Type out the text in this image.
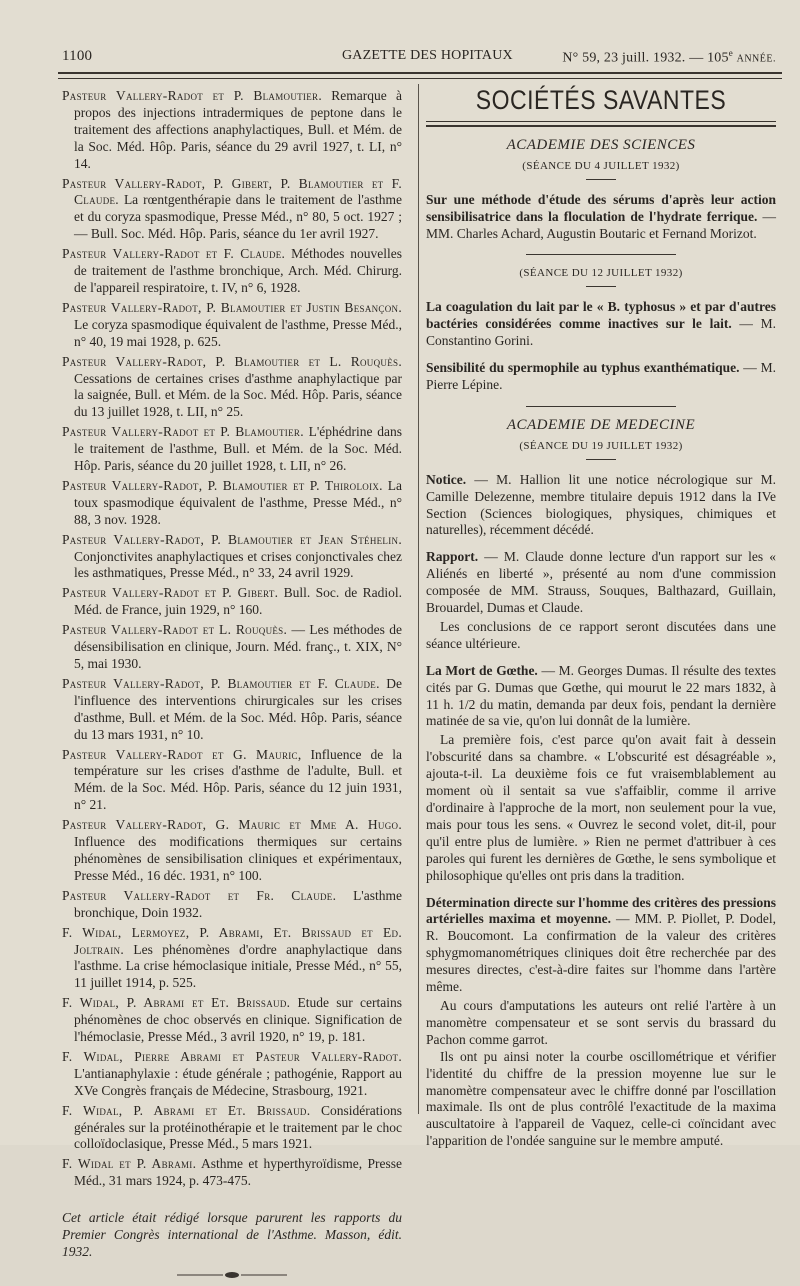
1100	GAZETTE DES HOPITAUX	N° 59, 23 juill. 1932. — 105e ANNÉE.
Pasteur Vallery-Radot et P. Blamoutier. Remarque à propos des injections intradermiques de peptone dans le traitement des affections anaphylactiques, Bull. et Mém. de la Soc. Méd. Hôp. Paris, séance du 29 avril 1927, t. LI, n° 14.
Pasteur Vallery-Radot, P. Gibert, P. Blamoutier et F. Claude. La rœntgenthérapie dans le traitement de l'asthme et du coryza spasmodique, Presse Méd., n° 80, 5 oct. 1927 ; — Bull. Soc. Méd. Hôp. Paris, séance du 1er avril 1927.
Pasteur Vallery-Radot et F. Claude. Méthodes nouvelles de traitement de l'asthme bronchique, Arch. Méd. Chirurg. de l'appareil respiratoire, t. IV, n° 6, 1928.
Pasteur Vallery-Radot, P. Blamoutier et Justin Besançon. Le coryza spasmodique équivalent de l'asthme, Presse Méd., n° 40, 19 mai 1928, p. 625.
Pasteur Vallery-Radot, P. Blamoutier et L. Rouquès. Cessations de certaines crises d'asthme anaphylactique par la saignée, Bull. et Mém. de la Soc. Méd. Hôp. Paris, séance du 13 juillet 1928, t. LII, n° 25.
Pasteur Vallery-Radot et P. Blamoutier. L'éphédrine dans le traitement de l'asthme, Bull. et Mém. de la Soc. Méd. Hôp. Paris, séance du 20 juillet 1928, t. LII, n° 26.
Pasteur Vallery-Radot, P. Blamoutier et P. Thiroloix. La toux spasmodique équivalent de l'asthme, Presse Méd., n° 88, 3 nov. 1928.
Pasteur Vallery-Radot, P. Blamoutier et Jean Stéhelin. Conjonctivites anaphylactiques et crises conjonctivales chez les asthmatiques, Presse Méd., n° 33, 24 avril 1929.
Pasteur Vallery-Radot et P. Gibert. Bull. Soc. de Radiol. Méd. de France, juin 1929, n° 160.
Pasteur Vallery-Radot et L. Rouquès. — Les méthodes de désensibilisation en clinique, Journ. Méd. franç., t. XIX, N° 5, mai 1930.
Pasteur Vallery-Radot, P. Blamoutier et F. Claude. De l'influence des interventions chirurgicales sur les crises d'asthme, Bull. et Mém. de la Soc. Méd. Hôp. Paris, séance du 13 mars 1931, n° 10.
Pasteur Vallery-Radot et G. Mauric, Influence de la température sur les crises d'asthme de l'adulte, Bull. et Mém. de la Soc. Méd. Hôp. Paris, séance du 12 juin 1931, n° 21.
Pasteur Vallery-Radot, G. Mauric et Mme A. Hugo. Influence des modifications thermiques sur certains phénomènes de sensibilisation cliniques et expérimentaux, Presse Méd., 16 déc. 1931, n° 100.
Pasteur Vallery-Radot et Fr. Claude. L'asthme bronchique, Doin 1932.
F. Widal, Lermoyez, P. Abrami, Et. Brissaud et Ed. Joltrain. Les phénomènes d'ordre anaphylactique dans l'asthme. La crise hémoclasique initiale, Presse Méd., n° 55, 11 juillet 1914, p. 525.
F. Widal, P. Abrami et Et. Brissaud. Etude sur certains phénomènes de choc observés en clinique. Signification de l'hémoclasie, Presse Méd., 3 avril 1920, n° 19, p. 181.
F. Widal, Pierre Abrami et Pasteur Vallery-Radot. L'antianaphylaxie : étude générale ; pathogénie, Rapport au XVe Congrès français de Médecine, Strasbourg, 1921.
F. Widal, P. Abrami et Et. Brissaud. Considérations générales sur la protéinothérapie et le traitement par le choc colloïdoclasique, Presse Méd., 5 mars 1921.
F. Widal et P. Abrami. Asthme et hyperthyroïdisme, Presse Méd., 31 mars 1924, p. 473-475.
Cet article était rédigé lorsque parurent les rapports du Premier Congrès international de l'Asthme. Masson, édit. 1932.
SOCIÉTÉS SAVANTES
ACADEMIE DES SCIENCES
(SÉANCE DU 4 JUILLET 1932)
Sur une méthode d'étude des sérums d'après leur action sensibilisatrice dans la floculation de l'hydrate ferrique. — MM. Charles Achard, Augustin Boutaric et Fernand Morizot.
(SÉANCE DU 12 JUILLET 1932)
La coagulation du lait par le « B. typhosus » et par d'autres bactéries considérées comme inactives sur le lait. — M. Constantino Gorini.
Sensibilité du spermophile au typhus exanthématique. — M. Pierre Lépine.
ACADEMIE DE MEDECINE
(SÉANCE DU 19 JUILLET 1932)
Notice. — M. Hallion lit une notice nécrologique sur M. Camille Delezenne, membre titulaire depuis 1912 dans la IVe Section (Sciences biologiques, physiques, chimiques et naturelles), récemment décédé.
Rapport. — M. Claude donne lecture d'un rapport sur les « Aliénés en liberté », présenté au nom d'une commission composée de MM. Strauss, Souques, Balthazard, Guillain, Brouardel, Dumas et Claude.

Les conclusions de ce rapport seront discutées dans une séance ultérieure.

La Mort de Gœthe. — M. Georges Dumas. Il résulte des textes cités par G. Dumas que Gœthe, qui mourut le 22 mars 1832, à 11 h. 1/2 du matin, demanda par deux fois, pendant la dernière matinée de sa vie, qu'on lui donnât de la lumière.

La première fois, c'est parce qu'on avait fait à dessein l'obscurité dans sa chambre. « L'obscurité est désagréable », ajouta-t-il. La deuxième fois ce fut vraisemblablement au moment où il sentait sa vue s'affaiblir, comme il arrive d'ordinaire à l'approche de la mort, non seulement pour la vue, mais pour tous les sens. « Ouvrez le second volet, dit-il, pour qu'il entre plus de lumière. » Rien ne permet d'attribuer à ces paroles qui furent les dernières de Gœthe, le sens symbolique et philosophique qu'elles ont pris dans la tradition.

Détermination directe sur l'homme des critères des pressions artérielles maxima et moyenne. — MM. P. Piollet, P. Dodel, R. Boucomont. La confirmation de la valeur des critères sphygmomanométriques cliniques doit être recherchée par des mesures directes, c'est-à-dire faites sur l'homme dans l'artère même.

Au cours d'amputations les auteurs ont relié l'artère à un manomètre compensateur et se sont servis du brassard du Pachon comme garrot.

Ils ont pu ainsi noter la courbe oscillométrique et vérifier l'identité du chiffre de la pression moyenne lue sur le manomètre compensateur avec le chiffre donné par l'oscillation maximale. Ils ont de plus contrôlé l'exactitude de la maxima auscultatoire à l'appareil de Vaquez, celle-ci coïncidant avec l'apparition de l'ondée sanguine sur le membre amputé.
